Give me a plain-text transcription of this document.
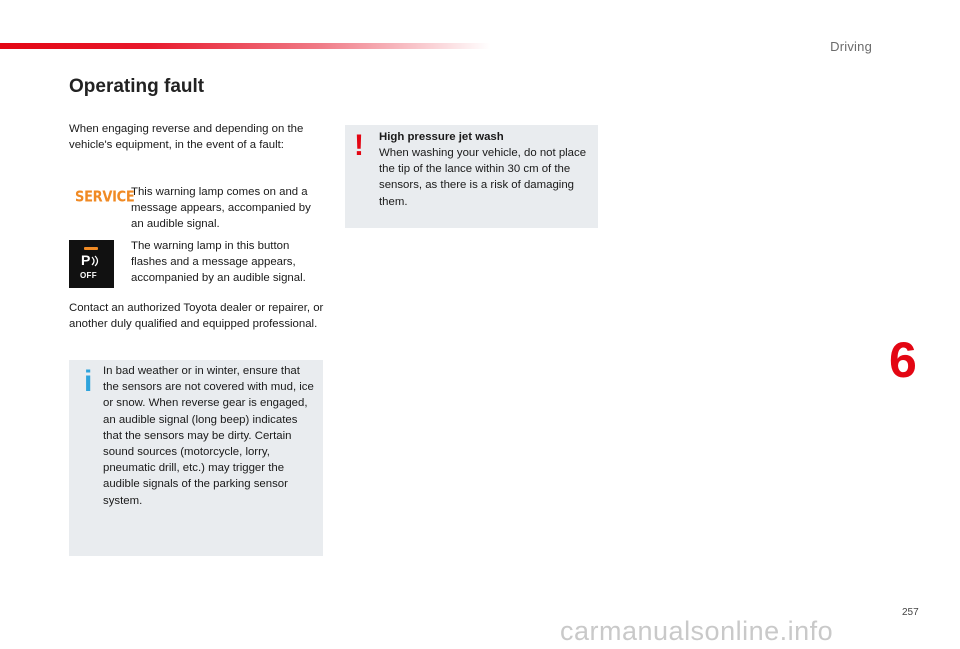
Driving
Operating fault

When engaging reverse and depending on the vehicle's equipment, in the event of a fault:

SERVICE

This warning lamp comes on and a message appears, accompanied by an audible signal.

P
OFF

The warning lamp in this button flashes and a message appears, accompanied by an audible signal.

Contact an authorized Toyota dealer or repairer, or another duly qualified and equipped professional.

i In bad weather or in winter, ensure that the sensors are not covered with mud, ice or snow. When reverse gear is engaged, an audible signal (long beep) indicates that the sensors may be dirty. Certain sound sources (motorcycle, lorry, pneumatic drill, etc.) may trigger the audible signals of the parking sensor system.

! High pressure jet wash

When washing your vehicle, do not place the tip of the lance within 30 cm of the sensors, as there is a risk of damaging them.

6
257
carmanualsonline.info
